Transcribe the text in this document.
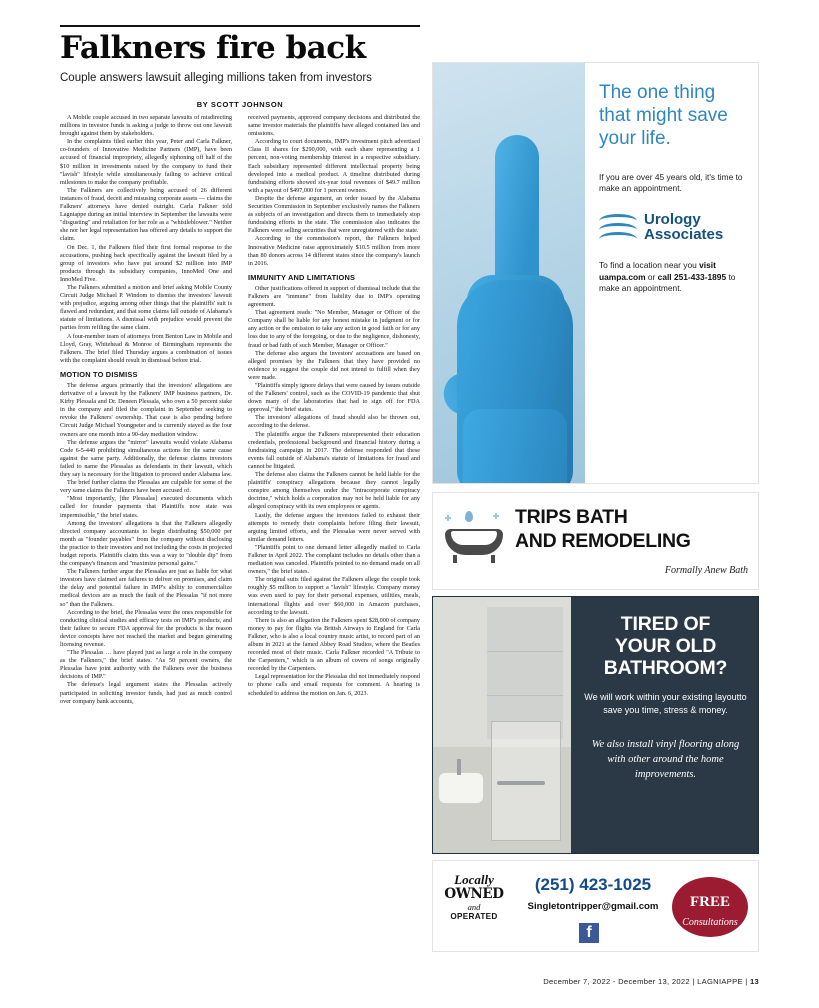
Falkners fire back
Couple answers lawsuit alleging millions taken from investors
BY SCOTT JOHNSON

A Mobile couple accused in two separate lawsuits of misdirecting millions in investor funds is asking a judge to throw out one lawsuit brought against them by stakeholders.

In the complaints filed earlier this year, Peter and Carla Falkner, co-founders of Innovative Medicine Partners (IMP), have been accused of financial impropriety, allegedly siphoning off half of the $10 million in investments raised by the company to fund their "lavish" lifestyle while simultaneously failing to achieve critical milestones to make the company profitable.

The Falkners are collectively being accused of 26 different instances of fraud, deceit and misusing corporate assets — claims the Falkners' attorneys have denied outright. Carla Falkner told Lagniappe during an initial interview in September the lawsuits were "disgusting" and retaliation for her role as a "whistleblower." Neither she nor her legal representation has offered any details to support the claim.

On Dec. 1, the Falkners filed their first formal response to the accusations, pushing back specifically against the lawsuit filed by a group of investors who have put around $2 million into IMP products through its subsidiary companies, InnoMed One and InnoMed Five.

The Falkners submitted a motion and brief asking Mobile County Circuit Judge Michael P. Windom to dismiss the investors' lawsuit with prejudice, arguing among other things that the plaintiffs' suit is flawed and redundant, and that some claims fall outside of Alabama's statute of limitations. A dismissal with prejudice would prevent the parties from refiling the same claim.

A four-member team of attorneys from Benton Law in Mobile and Lloyd, Gray, Whitehead & Monroe of Birmingham represents the Falkners. The brief filed Thursday argues a combination of issues with the complaint should result in dismissal before trial.

MOTION TO DISMISS

The defense argues primarily that the investors' allegations are derivative of a lawsuit by the Falkners' IMP business partners, Dr. Kirby Plessala and Dr. Deneen Plessala, who own a 50 percent stake in the company and filed the complaint in September seeking to revoke the Falkners' ownership. That case is also pending before Circuit Judge Michael Youngpeter and is currently stayed as the four owners are one month into a 90-day mediation window.

The defense argues the "mirror" lawsuits would violate Alabama Code 6-5-440 prohibiting simultaneous actions for the same cause against the same party. Additionally, the defense claims investors failed to name the Plessalas as defendants in their lawsuit, which they say is necessary for the litigation to proceed under Alabama law.

The brief further claims the Plessalas are culpable for some of the very same claims the Falkners have been accused of.

"Most importantly, [the Plessalas] executed documents which called for founder payments that Plaintiffs now state was impermissible," the brief states.

Among the investors' allegations is that the Falkners allegedly directed company accountants to begin distributing $50,000 per month as "founder payables" from the company without disclosing the practice to their investors and not including the costs in projected budget reports. Plaintiffs claim this was a way to "double dip" from the company's finances and "maximize personal gains."

The Falkners further argue the Plessalas are just as liable for what investors have claimed are failures to deliver on promises, and claim the delay and potential failure in IMP's ability to commercialize medical devices are as much the fault of the Plessalas "if not more so" than the Falkners.

According to the brief, the Plessalas were the ones responsible for conducting clinical studies and efficacy tests on IMP's products, and their failure to secure FDA approval for the products is the reason device concepts have not reached the market and begun generating licensing revenue.

"The Plessalas … have played just as large a role in the company as the Falkners," the brief states. "As 50 percent owners, the Plessalas have joint authority with the Falkners over the business decisions of IMP."

The defense's legal argument states the Plessalas actively participated in soliciting investor funds, had just as much control over company bank accounts,

received payments, approved company decisions and distributed the same investor materials the plaintiffs have alleged contained lies and omissions.

According to court documents, IMP's investment pitch advertised Class II shares for $290,000, with each share representing a 1 percent, non-voting membership interest in a respective subsidiary. Each subsidiary represented different intellectual property being developed into a medical product. A timeline distributed during fundraising efforts showed six-year total revenues of $49.7 million with a payout of $497,000 for 1 percent owners.

Despite the defense argument, an order issued by the Alabama Securities Commission in September exclusively names the Falkners as subjects of an investigation and directs them to immediately stop fundraising efforts in the state. The commission also indicates the Falkners were selling securities that were unregistered with the state.

According to the commission's report, the Falkners helped Innovative Medicine raise approximately $10.5 million from more than 80 donors across 14 different states since the company's launch in 2016.

IMMUNITY AND LIMITATIONS

Other justifications offered in support of dismissal include that the Falkners are "immune" from liability due to IMP's operating agreement.

That agreement reads: "No Member, Manager or Officer of the Company shall be liable for any honest mistake in judgment or for any action or the omission to take any action in good faith or for any loss due to any of the foregoing, or due to the negligence, dishonesty, fraud or bad faith of such Member, Manager or Officer."

The defense also argues the investors' accusations are based on alleged promises by the Falkners that they have provided no evidence to suggest the couple did not intend to fulfill when they were made.

"Plaintiffs simply ignore delays that were caused by issues outside of the Falkners' control, such as the COVID-19 pandemic that shut down many of the laboratories that had to sign off for FDA approval," the brief states.

The investors' allegations of fraud should also be thrown out, according to the defense.

The plaintiffs argue the Falkners misrepresented their education credentials, professional background and financial history during a fundraising campaign in 2017. The defense responded that these events fall outside of Alabama's statute of limitations for fraud and cannot be litigated.

The defense also claims the Falkners cannot be held liable for the plaintiffs' conspiracy allegations because they cannot legally conspire among themselves under the "intracorporate conspiracy doctrine," which holds a corporation may not be held liable for any alleged conspiracy with its own employees or agents.

Lastly, the defense argues the investors failed to exhaust their attempts to remedy their complaints before filing their lawsuit, arguing limited efforts, and the Plessalas were never served with similar demand letters.

"Plaintiffs point to one demand letter allegedly mailed to Carla Falkner in April 2022. The complaint includes no details other than a mediation was canceled. Plaintiffs pointed to no demand made on all owners," the brief states.

The original suits filed against the Falkners allege the couple took roughly $5 million to support a "lavish" lifestyle. Company money was even used to pay for their personal expenses, utilities, meals, international flights and over $60,000 in Amazon purchases, according to the lawsuit.

There is also an allegation the Falkners spent $28,000 of company money to pay for flights via British Airways to England for Carla Falkner, who is also a local country music artist, to record part of an album in 2021 at the famed Abbey Road Studios, where the Beatles recorded most of their music. Carla Falkner recorded "A Tribute to the Carpenters," which is an album of covers of songs originally recorded by the Carpenters.

Legal representation for the Plessalas did not immediately respond to phone calls and email requests for comment. A hearing is scheduled to address the motion on Jan. 6, 2023.

The one thing that might save your life.
If you are over 45 years old, it's time to make an appointment.
Urology
Associates
To find a location near you visit uampa.com or call 251-433-1895 to make an appointment.
TRIPS BATH
AND REMODELING
Formally Anew Bath
TIRED OF
YOUR OLD
BATHROOM?
We will work within your existing layoutto save you time, stress & money.
We also install vinyl flooring along with other around the home improvements.
Locally
OWNED
and
OPERATED
(251) 423-1025
Singletontripper@gmail.com
f
FREE
Consultations
December 7, 2022 - December 13, 2022 | LAGNIAPPE | 13
